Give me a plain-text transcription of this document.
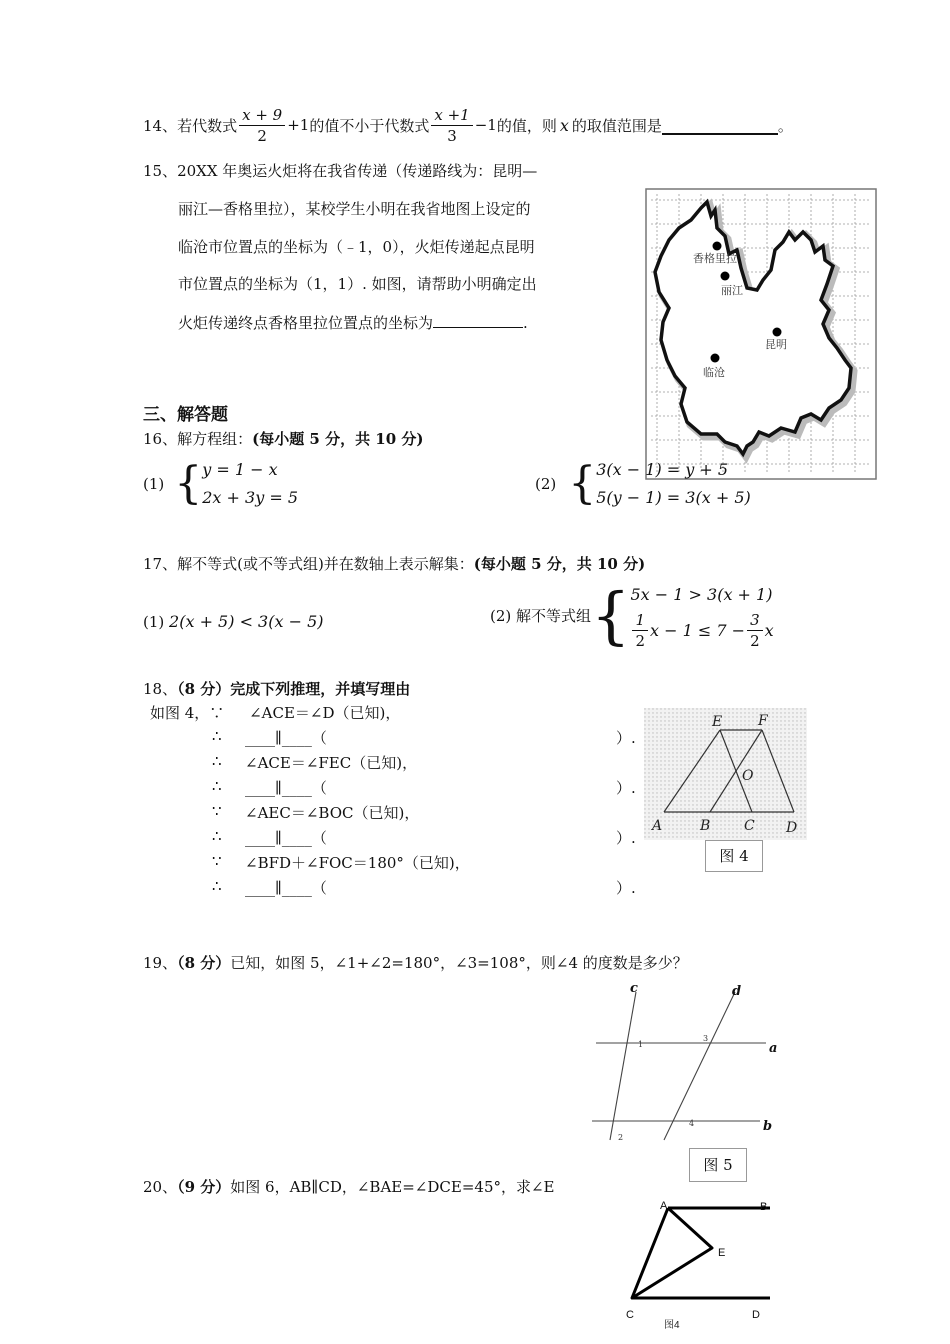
14、 若代数式 $\frac{x + 9}{2} +1$ 的值不小于代数式 $\frac{x +1}{3} -1$ 的值，则 x 的取值范围是	。
15、20XX 年奥运火炬将在我省传递（传递路线为：昆明—
丽江—香格里拉），某校学生小明在我省地图上设定的
临沧市位置点的坐标为（﹣1，0），火炬传递起点昆明
市位置点的坐标为（1，1）. 如图，请帮助小明确定出
火炬传递终点香格里拉位置点的坐标为	.
香格里拉
丽江
昆明
临沧
三、解答题
16、解方程组：(每小题 5 分，共 10 分)
(1) { y = 1 − x
2x + 3y = 5
(2) { 3(x − 1) = y + 5
5(y − 1) = 3(x + 5)
17、解不等式(或不等式组)并在数轴上表示解集：(每小题 5 分，共 10 分)
(1) 2(x + 5) < 3(x − 5)	(2) 解不等式组 { 5x − 1 > 3(x + 1)
$\frac{1}{2}$ $x - 1 \le 7 - \frac{3}{2}$ x
18、（8 分）完成下列推理，并填写理由
如图 4，∵ ∠ACE＝∠D（已知)，
∴ ____∥____（	）.
∴ ∠ACE＝∠FEC（已知)，
∴ ____∥____（	）.
∵ ∠AEC＝∠BOC（已知)，
∴ ____∥____（	）.
∵ ∠BFD＋∠FOC＝180°（已知)，
∴ ____∥____（	）.
A	B C D
E	F
O
图 4
19、（8 分）已知，如图 5，∠1+∠2=180°，∠3=108°，则∠4 的度数是多少？
c	d
a
b
1
3
2
4
图 5
20、（9 分）如图 6，AB∥CD，∠BAE=∠DCE=45°，求∠E
A	B
E
C	D
图4
